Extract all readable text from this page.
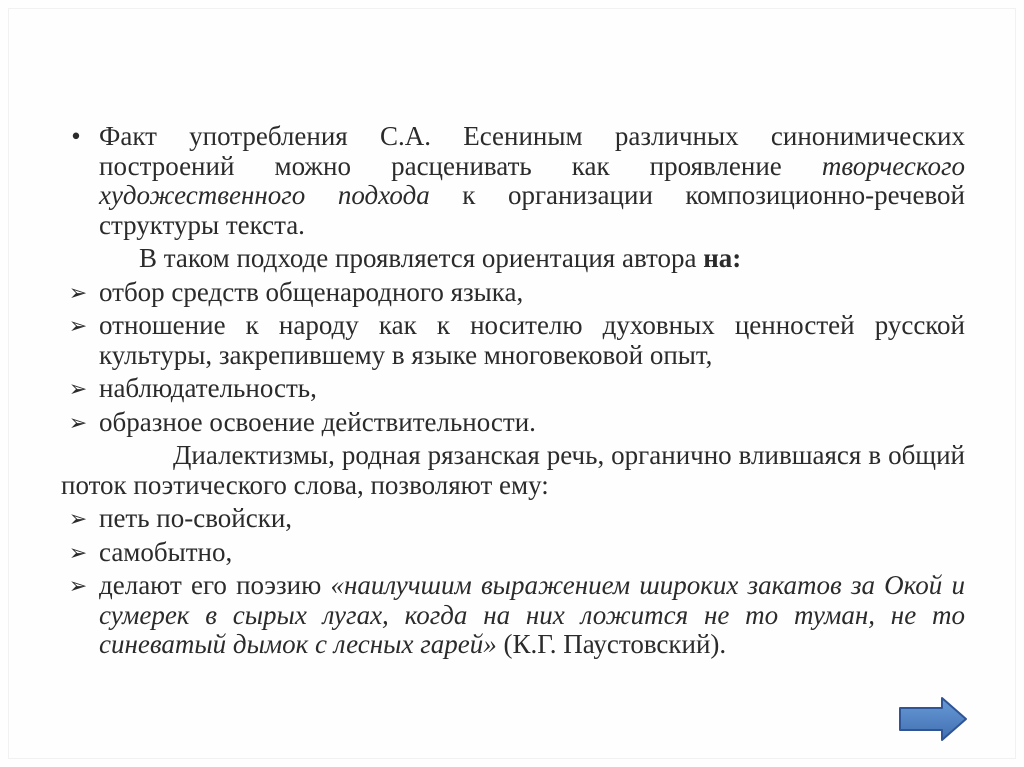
• Факт употребления С.А. Есениным различных синонимических построений можно расценивать как проявление творческого художественного подхода к организации композиционно-речевой структуры текста.
В таком подходе проявляется ориентация автора на:
➢ отбор средств общенародного языка,
➢ отношение к народу как к носителю духовных ценностей русской культуры, закрепившему в языке многовековой опыт,
➢ наблюдательность,
➢ образное освоение действительности.
Диалектизмы, родная рязанская речь, органично влившаяся в общий поток поэтического слова, позволяют ему:
➢ петь по-свойски,
➢ самобытно,
➢ делают его поэзию «наилучшим выражением широких закатов за Окой и сумерек в сырых лугах, когда на них ложится не то туман, не то синеватый дымок с лесных гарей» (К.Г. Паустовский).
